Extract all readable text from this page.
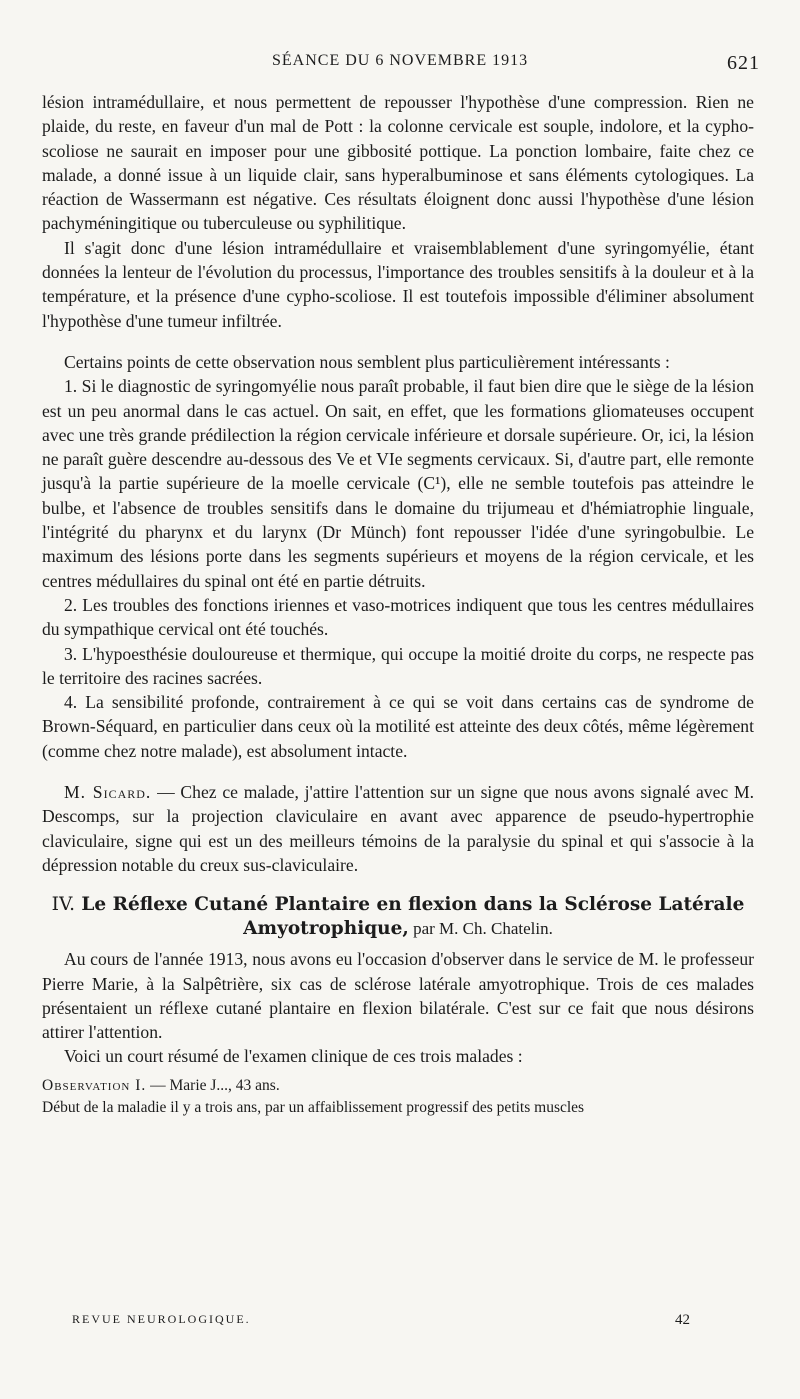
SÉANCE DU 6 NOVEMBRE 1913	621

lésion intramédullaire, et nous permettent de repousser l'hypothèse d'une compression. Rien ne plaide, du reste, en faveur d'un mal de Pott : la colonne cervicale est souple, indolore, et la cypho-scoliose ne saurait en imposer pour une gibbosité pottique. La ponction lombaire, faite chez ce malade, a donné issue à un liquide clair, sans hyperalbuminose et sans éléments cytologiques. La réaction de Wassermann est négative. Ces résultats éloignent donc aussi l'hypothèse d'une lésion pachyméningitique ou tuberculeuse ou syphilitique.

Il s'agit donc d'une lésion intramédullaire et vraisemblablement d'une syringomyélie, étant données la lenteur de l'évolution du processus, l'importance des troubles sensitifs à la douleur et à la température, et la présence d'une cypho-scoliose. Il est toutefois impossible d'éliminer absolument l'hypothèse d'une tumeur infiltrée.

Certains points de cette observation nous semblent plus particulièrement intéressants :

1. Si le diagnostic de syringomyélie nous paraît probable, il faut bien dire que le siège de la lésion est un peu anormal dans le cas actuel. On sait, en effet, que les formations gliomateuses occupent avec une très grande prédilection la région cervicale inférieure et dorsale supérieure. Or, ici, la lésion ne paraît guère descendre au-dessous des Ve et VIe segments cervicaux. Si, d'autre part, elle remonte jusqu'à la partie supérieure de la moelle cervicale (C¹), elle ne semble toutefois pas atteindre le bulbe, et l'absence de troubles sensitifs dans le domaine du trijumeau et d'hémiatrophie linguale, l'intégrité du pharynx et du larynx (Dr Münch) font repousser l'idée d'une syringobulbie. Le maximum des lésions porte dans les segments supérieurs et moyens de la région cervicale, et les centres médullaires du spinal ont été en partie détruits.

2. Les troubles des fonctions iriennes et vaso-motrices indiquent que tous les centres médullaires du sympathique cervical ont été touchés.

3. L'hypoesthésie douloureuse et thermique, qui occupe la moitié droite du corps, ne respecte pas le territoire des racines sacrées.

4. La sensibilité profonde, contrairement à ce qui se voit dans certains cas de syndrome de Brown-Séquard, en particulier dans ceux où la motilité est atteinte des deux côtés, même légèrement (comme chez notre malade), est absolument intacte.

M. Sicard. — Chez ce malade, j'attire l'attention sur un signe que nous avons signalé avec M. Descomps, sur la projection claviculaire en avant avec apparence de pseudo-hypertrophie claviculaire, signe qui est un des meilleurs témoins de la paralysie du spinal et qui s'associe à la dépression notable du creux sus-claviculaire.

IV. Le Réflexe Cutané Plantaire en flexion dans la Sclérose Latérale
Amyotrophique, par M. Ch. Chatelin.

Au cours de l'année 1913, nous avons eu l'occasion d'observer dans le service de M. le professeur Pierre Marie, à la Salpêtrière, six cas de sclérose latérale amyotrophique. Trois de ces malades présentaient un réflexe cutané plantaire en flexion bilatérale. C'est sur ce fait que nous désirons attirer l'attention.

Voici un court résumé de l'examen clinique de ces trois malades :

Observation I. — Marie J..., 43 ans.

Début de la maladie il y a trois ans, par un affaiblissement progressif des petits muscles

REVUE NEUROLOGIQUE.	42
